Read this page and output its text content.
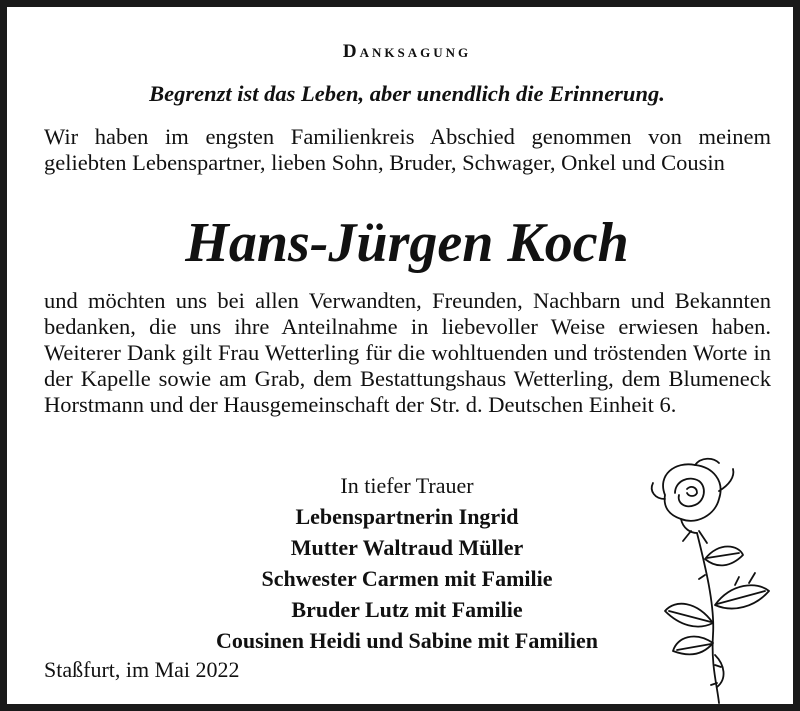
Danksagung
Begrenzt ist das Leben, aber unendlich die Erinnerung.
Wir haben im engsten Familienkreis Abschied genommen von meinem geliebten Lebenspartner, lieben Sohn, Bruder, Schwager, Onkel und Cousin
Hans-Jürgen Koch
und möchten uns bei allen Verwandten, Freunden, Nachbarn und Bekannten bedanken, die uns ihre Anteilnahme in liebevoller Weise erwiesen haben. Weiterer Dank gilt Frau Wetterling für die wohltuenden und tröstenden Worte in der Kapelle sowie am Grab, dem Bestattungshaus Wetterling, dem Blumeneck Horstmann und der Hausgemeinschaft der Str. d. Deutschen Einheit 6.
In tiefer Trauer
Lebenspartnerin Ingrid
Mutter Waltraud Müller
Schwester Carmen mit Familie
Bruder Lutz mit Familie
Cousinen Heidi und Sabine mit Familien
Staßfurt, im Mai 2022
